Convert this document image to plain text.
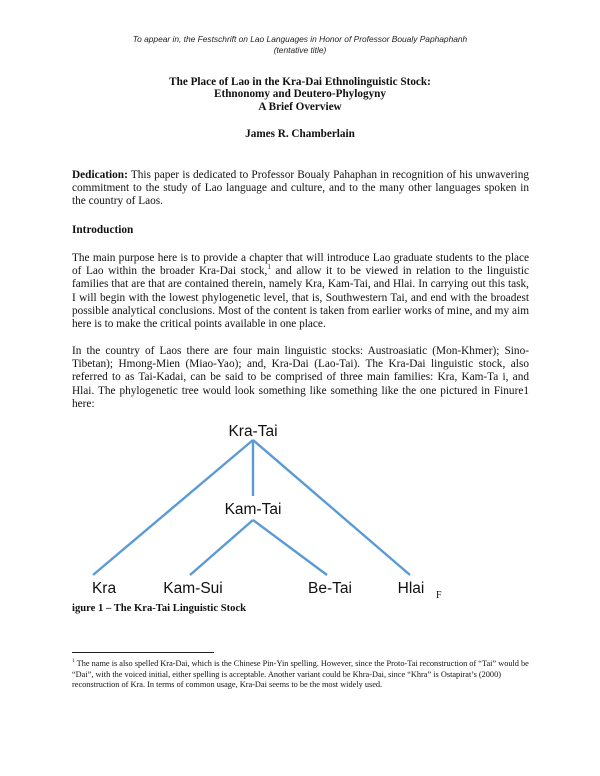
To appear in, the Festschrift on Lao Languages in Honor of Professor Boualy Paphaphanh
(tentative title)
The Place of Lao in the Kra-Dai Ethnolinguistic Stock:
Ethnonomy and Deutero-Phylogyny
A Brief Overview
James R. Chamberlain

Dedication: This paper is dedicated to Professor Boualy Pahaphan in recognition of his unwavering commitment to the study of Lao language and culture, and to the many other languages spoken in the country of Laos.

Introduction

The main purpose here is to provide a chapter that will introduce Lao graduate students to the place of Lao within the broader Kra-Dai stock,$^1$ and allow it to be viewed in relation to the linguistic families that are that are contained therein, namely Kra, Kam-Tai, and Hlai. In carrying out this task, I will begin with the lowest phylogenetic level, that is, Southwestern Tai, and end with the broadest possible analytical conclusions. Most of the content is taken from earlier works of mine, and my aim here is to make the critical points available in one place.

In the country of Laos there are four main linguistic stocks: Austroasiatic (Mon-Khmer); Sino-Tibetan); Hmong-Mien (Miao-Yao); and, Kra-Dai (Lao-Tai). The Kra-Dai linguistic stock, also referred to as Tai-Kadai, can be said to be comprised of three main families: Kra, Kam-Ta i, and Hlai. The phylogenetic tree would look something like something like the one pictured in Finure1 here:

Kra-Tai
Kam-Tai
Kra	Kam-Sui	Be-Tai	Hlai F
igure 1 – The Kra-Tai Linguistic Stock

$^1$ The name is also spelled Kra-Dai, which is the Chinese Pin-Yin spelling. However, since the Proto-Tai reconstruction of “Tai” would be “Dai”, with the voiced initial, either spelling is acceptable. Another variant could be Khra-Dai, since “Khra” is Ostapirat’s (2000) reconstruction of Kra. In terms of common usage, Kra-Dai seems to be the most widely used.
